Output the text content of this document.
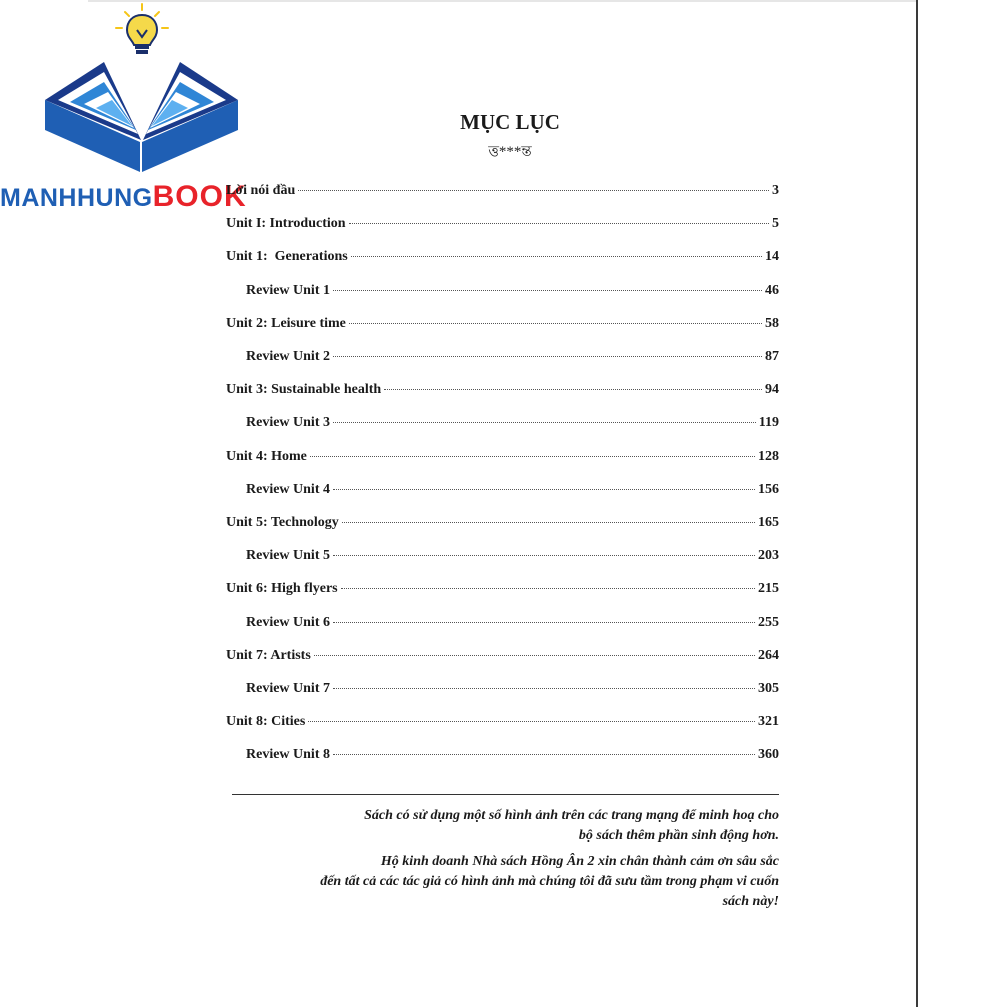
MANHHUNGBOOK
MỤC LỤC
ত্ত***ন্ত
Lời nói đầu	3
Unit I: Introduction	5
Unit 1:  Generations	14
Review Unit 1	46
Unit 2: Leisure time	58
Review Unit 2	87
Unit 3: Sustainable health	94
Review Unit 3	119
Unit 4: Home	128
Review Unit 4	156
Unit 5: Technology	165
Review Unit 5	203
Unit 6: High flyers	215
Review Unit 6	255
Unit 7: Artists	264
Review Unit 7	305
Unit 8: Cities	321
Review Unit 8	360
Sách có sử dụng một số hình ảnh trên các trang mạng để minh hoạ cho
bộ sách thêm phần sinh động hơn.
Hộ kinh doanh Nhà sách Hồng Ân 2 xin chân thành cảm ơn sâu sắc
đến tất cả các tác giả có hình ảnh mà chúng tôi đã sưu tầm trong phạm vi cuốn
sách này!
